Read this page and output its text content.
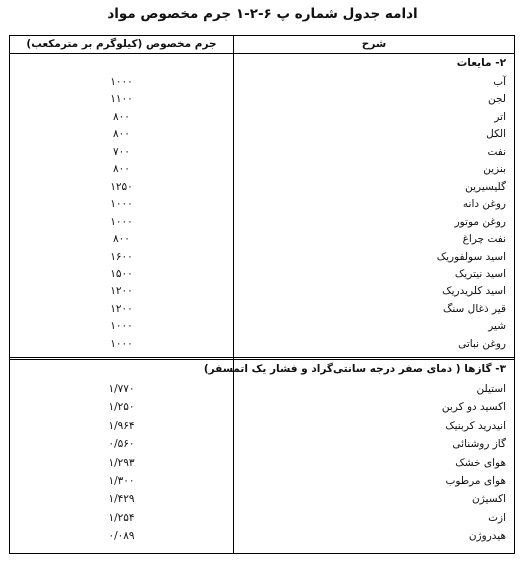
ادامه جدول شماره پ ۶-۲-۱ جرم مخصوص مواد
شرح
جرم مخصوص (کیلوگرم بر مترمکعب)
۲- مایعات
آب
۱۰۰۰
لجن
۱۱۰۰
اتر
۸۰۰
الکل
۸۰۰
نفت
۷۰۰
بنزین
۸۰۰
گلیسیرین
۱۲۵۰
روغن دانه
۱۰۰۰
روغن موتور
۱۰۰۰
نفت چراغ
۸۰۰
اسید سولفوریک
۱۶۰۰
اسید نیتریک
۱۵۰۰
اسید کلریدریک
۱۲۰۰
قیر ذغال سنگ
۱۲۰۰
شیر
۱۰۰۰
روغن نباتی
۱۰۰۰
۳- گازها ( دمای صفر درجه سانتی‌گراد و فشار یک اتمسفر)
استیلن
۱/۷۷۰
اکسید دو کربن
۱/۲۵۰
انیدرید کربنیک
۱/۹۶۴
گاز روشنائی
۰/۵۶۰
هوای خشک
۱/۲۹۳
هوای مرطوب
۱/۳۰۰
اکسیژن
۱/۴۲۹
ازت
۱/۲۵۴
هیدروژن
۰/۰۸۹
